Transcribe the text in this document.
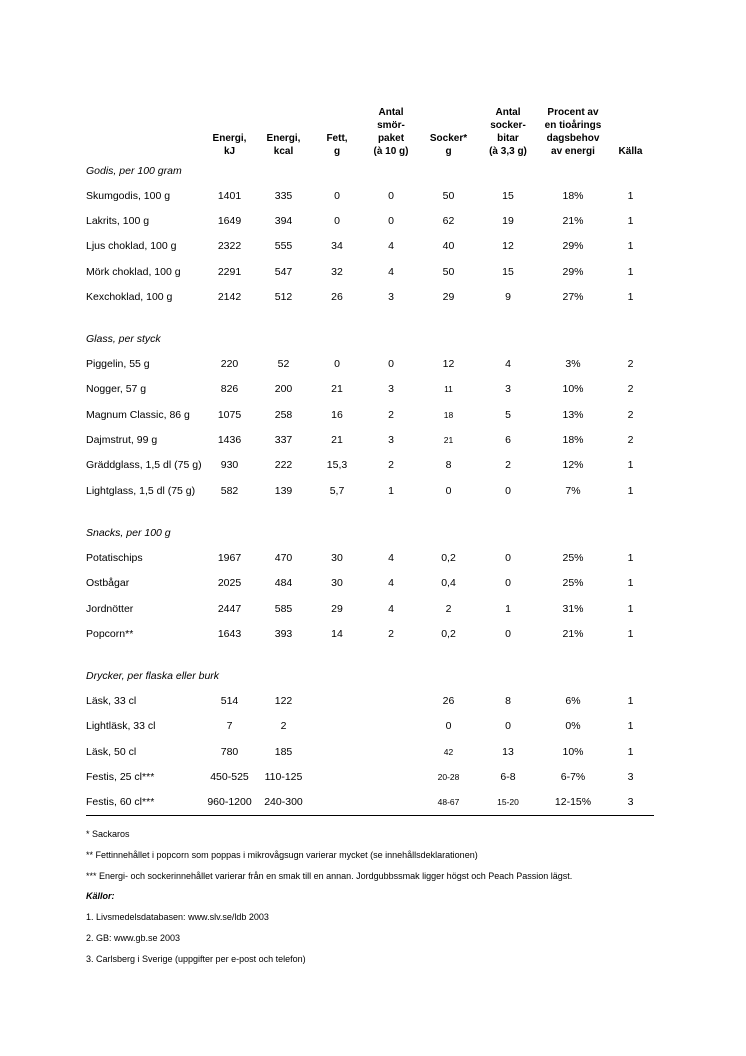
	Energi,
kJ	Energi,
kcal	Fett,
g	Antal
smör-
paket
(à 10 g)	Socker*
g	Antal
socker-
bitar
(à 3,3 g)	Procent av
en tioårings
dagsbehov
av energi	Källa
Godis, per 100 gram								
Skumgodis, 100 g	1401	335	0	0	50	15	18%	1
Lakrits, 100 g	1649	394	0	0	62	19	21%	1
Ljus choklad, 100 g	2322	555	34	4	40	12	29%	1
Mörk choklad, 100 g	2291	547	32	4	50	15	29%	1
Kexchoklad, 100 g	2142	512	26	3	29	9	27%	1

Glass, per styck								
Piggelin, 55 g	220	52	0	0	12	4	3%	2
Nogger, 57 g	826	200	21	3	11	3	10%	2
Magnum Classic, 86 g	1075	258	16	2	18	5	13%	2
Dajmstrut, 99 g	1436	337	21	3	21	6	18%	2
Gräddglass, 1,5 dl (75 g)	930	222	15,3	2	8	2	12%	1
Lightglass, 1,5 dl (75 g)	582	139	5,7	1	0	0	7%	1

Snacks, per 100 g								
Potatischips	1967	470	30	4	0,2	0	25%	1
Ostbågar	2025	484	30	4	0,4	0	25%	1
Jordnötter	2447	585	29	4	2	1	31%	1
Popcorn**	1643	393	14	2	0,2	0	21%	1

Drycker, per flaska eller burk								
Läsk, 33 cl	514	122			26	8	6%	1
Lightläsk, 33 cl	7	2			0	0	0%	1
Läsk, 50 cl	780	185			42	13	10%	1
Festis, 25 cl***	450-525	110-125			20-28	6-8	6-7%	3
Festis, 60 cl***	960-1200	240-300			48-67	15-20	12-15%	3
* Sackaros
** Fettinnehållet i popcorn som poppas i mikrovågsugn varierar mycket (se innehållsdeklarationen)
*** Energi- och sockerinnehållet varierar från en smak till en annan. Jordgubbssmak ligger högst och Peach Passion lägst.
Källor:
1. Livsmedelsdatabasen: www.slv.se/ldb 2003
2. GB: www.gb.se 2003
3. Carlsberg i Sverige (uppgifter per e-post och telefon)
